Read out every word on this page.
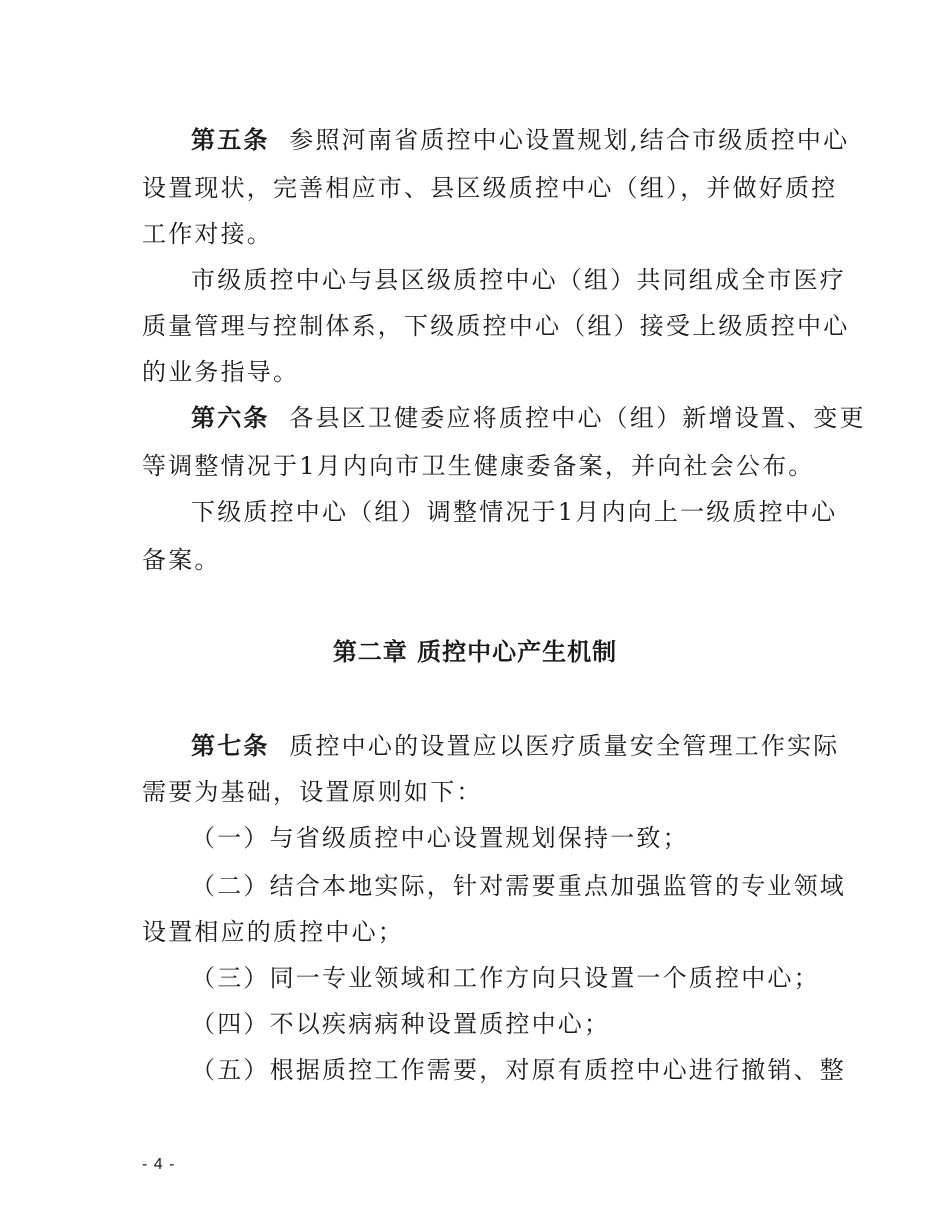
第五条 参照河南省质控中心设置规划,结合市级质控中心
设置现状，完善相应市、县区级质控中心（组），并做好质控
工作对接。
市级质控中心与县区级质控中心（组）共同组成全市医疗
质量管理与控制体系，下级质控中心（组）接受上级质控中心
的业务指导。
第六条 各县区卫健委应将质控中心（组）新增设置、变更
等调整情况于1月内向市卫生健康委备案，并向社会公布。
下级质控中心（组）调整情况于1月内向上一级质控中心
备案。
第二章 质控中心产生机制
第七条 质控中心的设置应以医疗质量安全管理工作实际
需要为基础，设置原则如下：
（一）与省级质控中心设置规划保持一致；
（二）结合本地实际，针对需要重点加强监管的专业领域
设置相应的质控中心；
（三）同一专业领域和工作方向只设置一个质控中心；
（四）不以疾病病种设置质控中心；
（五）根据质控工作需要，对原有质控中心进行撤销、整
- 4 -
